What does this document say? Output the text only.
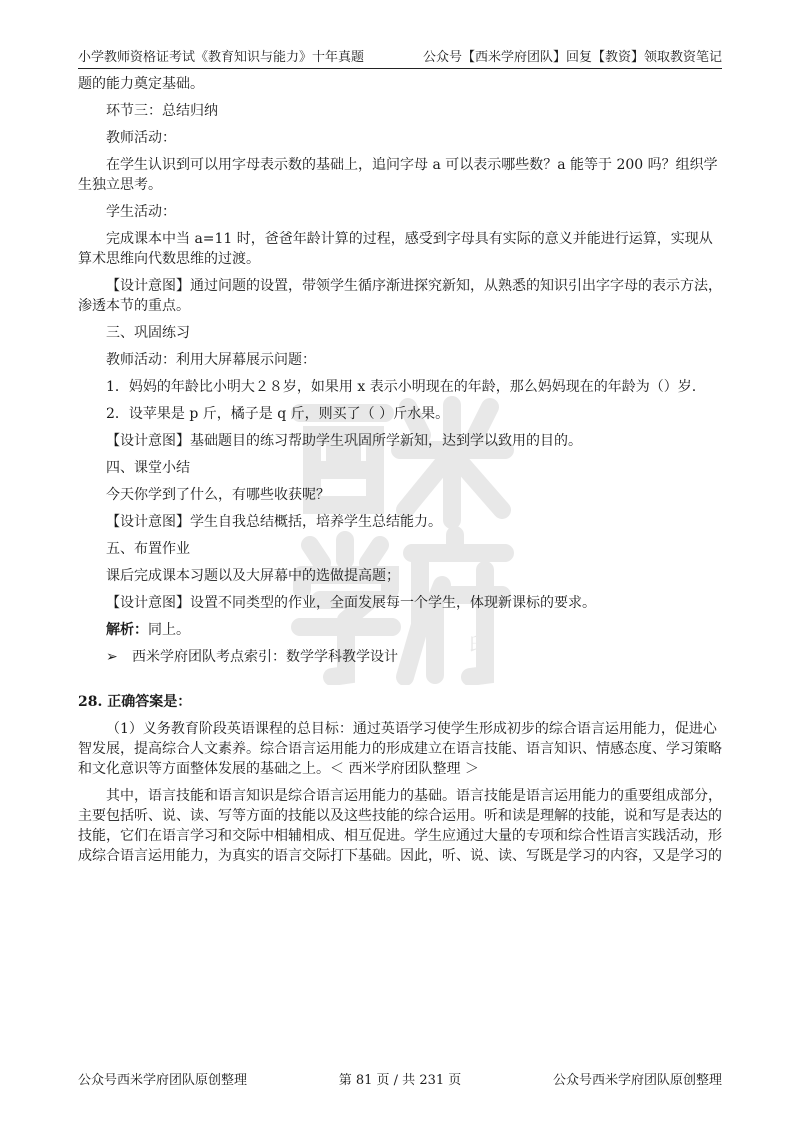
小学教师资格证考试《教育知识与能力》十年真题	公众号【西米学府团队】回复【教资】领取教资笔记
印

题的能力奠定基础。

环节三：总结归纳

教师活动：

在学生认识到可以用字母表示数的基础上，追问字母 a 可以表示哪些数？a 能等于 200 吗？组织学生独立思考。

学生活动：

完成课本中当 a=11 时，爸爸年龄计算的过程，感受到字母具有实际的意义并能进行运算，实现从算术思维向代数思维的过渡。

【设计意图】通过问题的设置，带领学生循序渐进探究新知，从熟悉的知识引出字字母的表示方法，渗透本节的重点。

三、巩固练习

教师活动：利用大屏幕展示问题：

1．妈妈的年龄比小明大２８岁，如果用 x 表示小明现在的年龄，那么妈妈现在的年龄为（）岁.

2．设苹果是 p 斤，橘子是 q 斤，则买了（ ）斤水果。

【设计意图】基础题目的练习帮助学生巩固所学新知，达到学以致用的目的。

四、课堂小结

今天你学到了什么，有哪些收获呢？

【设计意图】学生自我总结概括，培养学生总结能力。

五、布置作业

课后完成课本习题以及大屏幕中的选做提高题；

【设计意图】设置不同类型的作业，全面发展每一个学生，体现新课标的要求。

解析：同上。

➢	西米学府团队考点索引：数学学科教学设计

28. 正确答案是：

（1）义务教育阶段英语课程的总目标：通过英语学习使学生形成初步的综合语言运用能力，促进心智发展，提高综合人文素养。综合语言运用能力的形成建立在语言技能、语言知识、情感态度、学习策略和文化意识等方面整体发展的基础之上。＜ 西米学府团队整理 ＞

其中，语言技能和语言知识是综合语言运用能力的基础。语言技能是语言运用能力的重要组成部分，主要包括听、说、读、写等方面的技能以及这些技能的综合运用。听和读是理解的技能，说和写是表达的技能，它们在语言学习和交际中相辅相成、相互促进。学生应通过大量的专项和综合性语言实践活动，形成综合语言运用能力，为真实的语言交际打下基础。因此，听、说、读、写既是学习的内容，又是学习的

公众号西米学府团队原创整理	第 81 页 / 共 231 页	公众号西米学府团队原创整理
